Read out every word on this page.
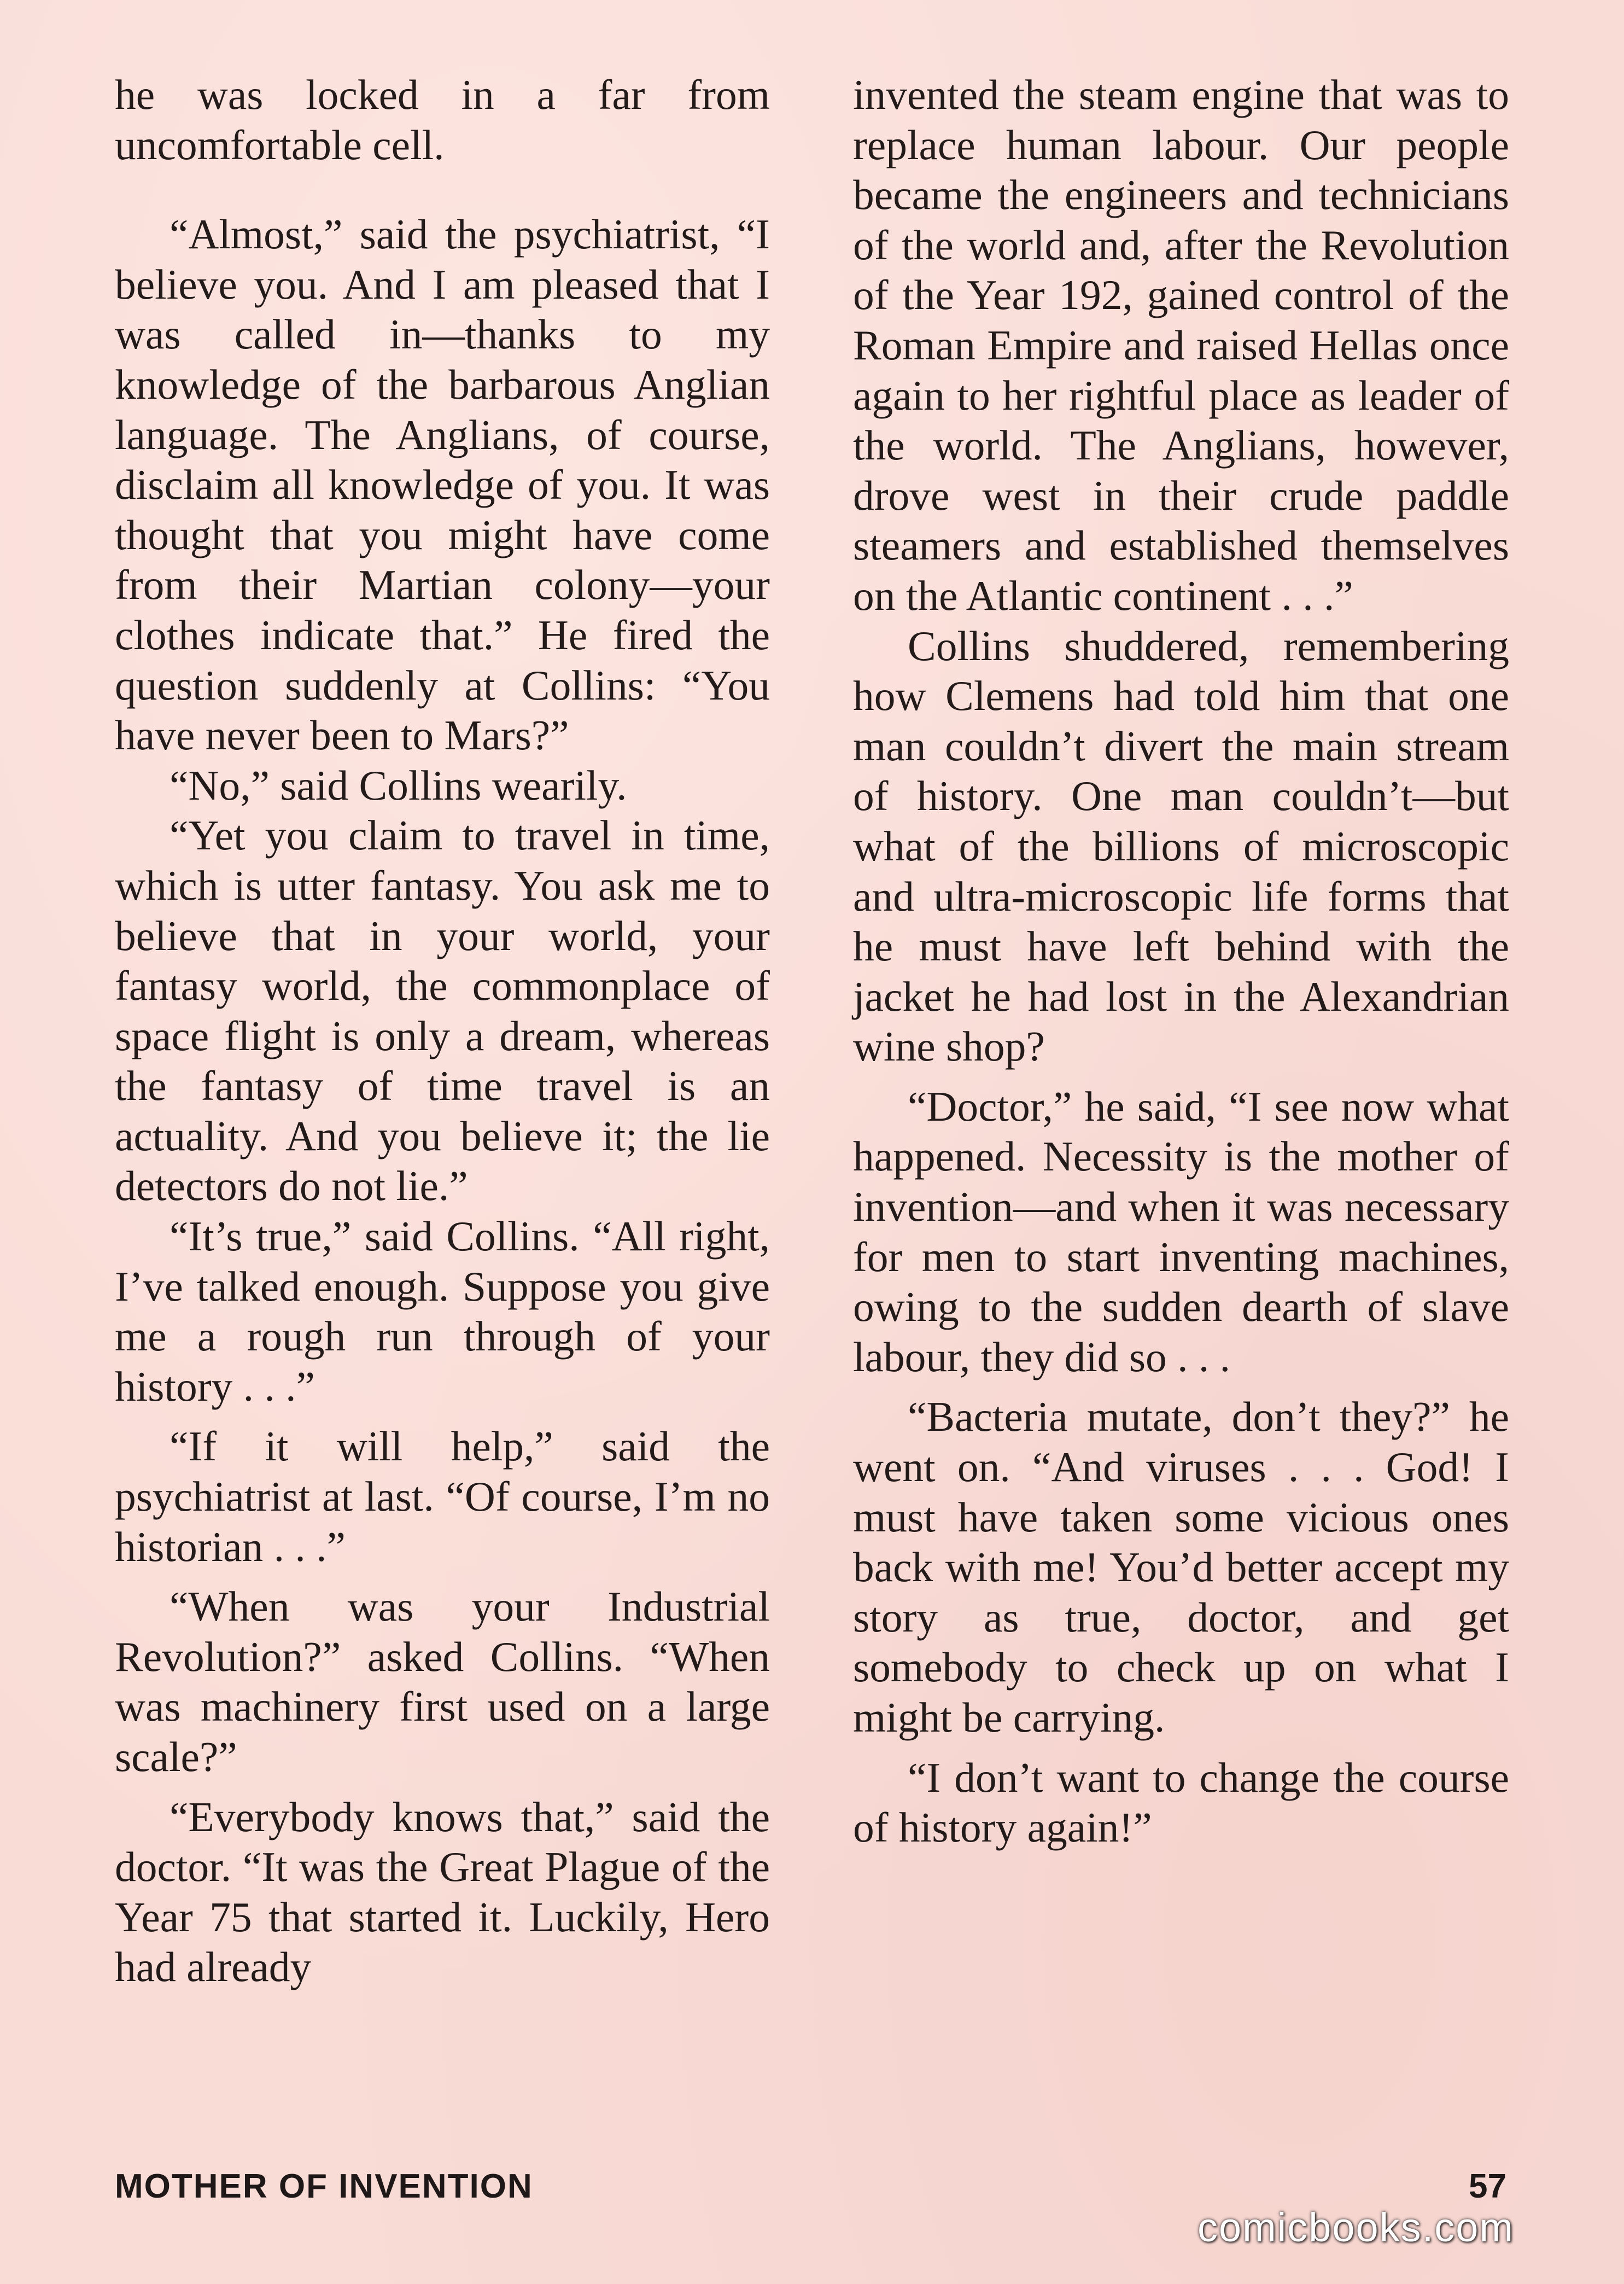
he was locked in a far from uncomfortable cell.

“Almost,” said the psychiatrist, “I believe you. And I am pleased that I was called in—thanks to my knowledge of the barbarous Anglian language. The Anglians, of course, disclaim all knowledge of you. It was thought that you might have come from their Martian colony—your clothes indicate that.” He fired the question suddenly at Collins: “You have never been to Mars?”

“No,” said Collins wearily.

“Yet you claim to travel in time, which is utter fantasy. You ask me to believe that in your world, your fantasy world, the commonplace of space flight is only a dream, whereas the fantasy of time travel is an actuality. And you believe it; the lie detectors do not lie.”

“It’s true,” said Collins. “All right, I’ve talked enough. Suppose you give me a rough run through of your history . . .”

“If it will help,” said the psychiatrist at last. “Of course, I’m no historian . . .”

“When was your Industrial Revolution?” asked Collins. “When was machinery first used on a large scale?”

“Everybody knows that,” said the doctor. “It was the Great Plague of the Year 75 that started it. Luckily, Hero had already

invented the steam engine that was to replace human labour. Our people became the engineers and technicians of the world and, after the Revolution of the Year 192, gained control of the Roman Empire and raised Hellas once again to her rightful place as leader of the world. The Anglians, however, drove west in their crude paddle steamers and established themselves on the Atlantic continent . . .”

Collins shuddered, remembering how Clemens had told him that one man couldn’t divert the main stream of history. One man couldn’t—but what of the billions of microscopic and ultra-microscopic life forms that he must have left behind with the jacket he had lost in the Alexandrian wine shop?

“Doctor,” he said, “I see now what happened. Necessity is the mother of invention—and when it was necessary for men to start inventing machines, owing to the sudden dearth of slave labour, they did so . . .

“Bacteria mutate, don’t they?” he went on. “And viruses . . . God! I must have taken some vicious ones back with me! You’d better accept my story as true, doctor, and get somebody to check up on what I might be carrying.

“I don’t want to change the course of history again!”

MOTHER OF INVENTION	57
comicbooks.com
